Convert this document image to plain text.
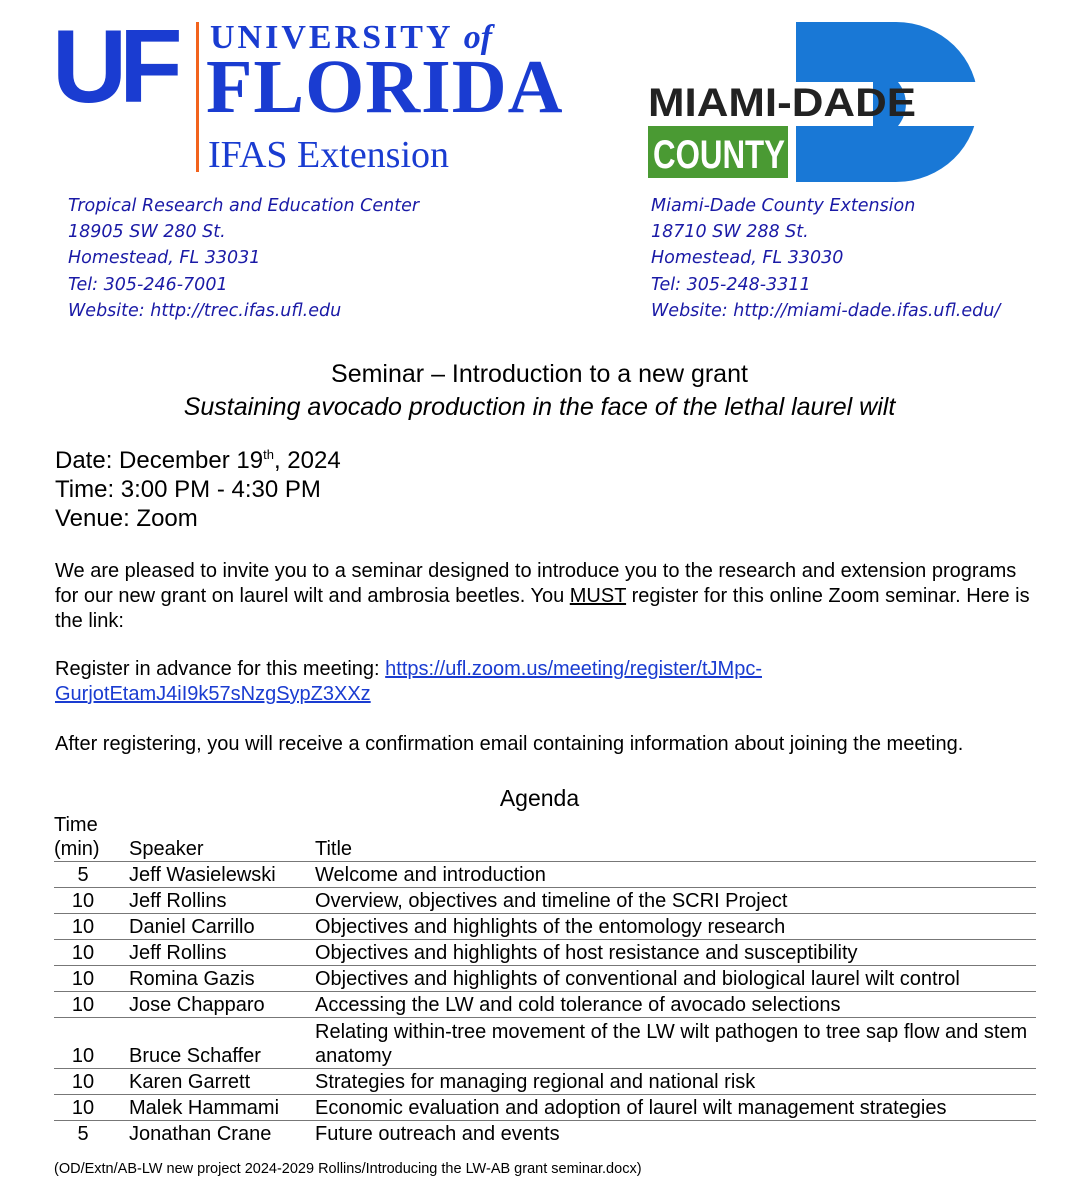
UF	UNIVERSITY of
FLORIDA
IFAS Extension
MIAMI-DADE
COUNTY
Tropical Research and Education Center
18905 SW 280 St.
Homestead, FL 33031
Tel: 305-246-7001
Website: http://trec.ifas.ufl.edu
Miami-Dade County Extension
18710 SW 288 St.
Homestead, FL 33030
Tel: 305-248-3311
Website: http://miami-dade.ifas.ufl.edu/
Seminar – Introduction to a new grant
Sustaining avocado production in the face of the lethal laurel wilt
Date: December 19th, 2024
Time: 3:00 PM - 4:30 PM
Venue: Zoom
We are pleased to invite you to a seminar designed to introduce you to the research and extension programs for our new grant on laurel wilt and ambrosia beetles. You MUST register for this online Zoom seminar. Here is the link:
Register in advance for this meeting: https://ufl.zoom.us/meeting/register/tJMpc-GurjotEtamJ4iI9k57sNzgSypZ3XXz
After registering, you will receive a confirmation email containing information about joining the meeting.
Agenda
Time
(min)	Speaker	Title
5	Jeff Wasielewski	Welcome and introduction
10	Jeff Rollins	Overview, objectives and timeline of the SCRI Project
10	Daniel Carrillo	Objectives and highlights of the entomology research
10	Jeff Rollins	Objectives and highlights of host resistance and susceptibility
10	Romina Gazis	Objectives and highlights of conventional and biological laurel wilt control
10	Jose Chapparo	Accessing the LW and cold tolerance of avocado selections
10	Bruce Schaffer	Relating within-tree movement of the LW wilt pathogen to tree sap flow and stem anatomy
10	Karen Garrett	Strategies for managing regional and national risk
10	Malek Hammami	Economic evaluation and adoption of laurel wilt management strategies
5	Jonathan Crane	Future outreach and events
(OD/Extn/AB-LW new project 2024-2029 Rollins/Introducing the LW-AB grant seminar.docx)
